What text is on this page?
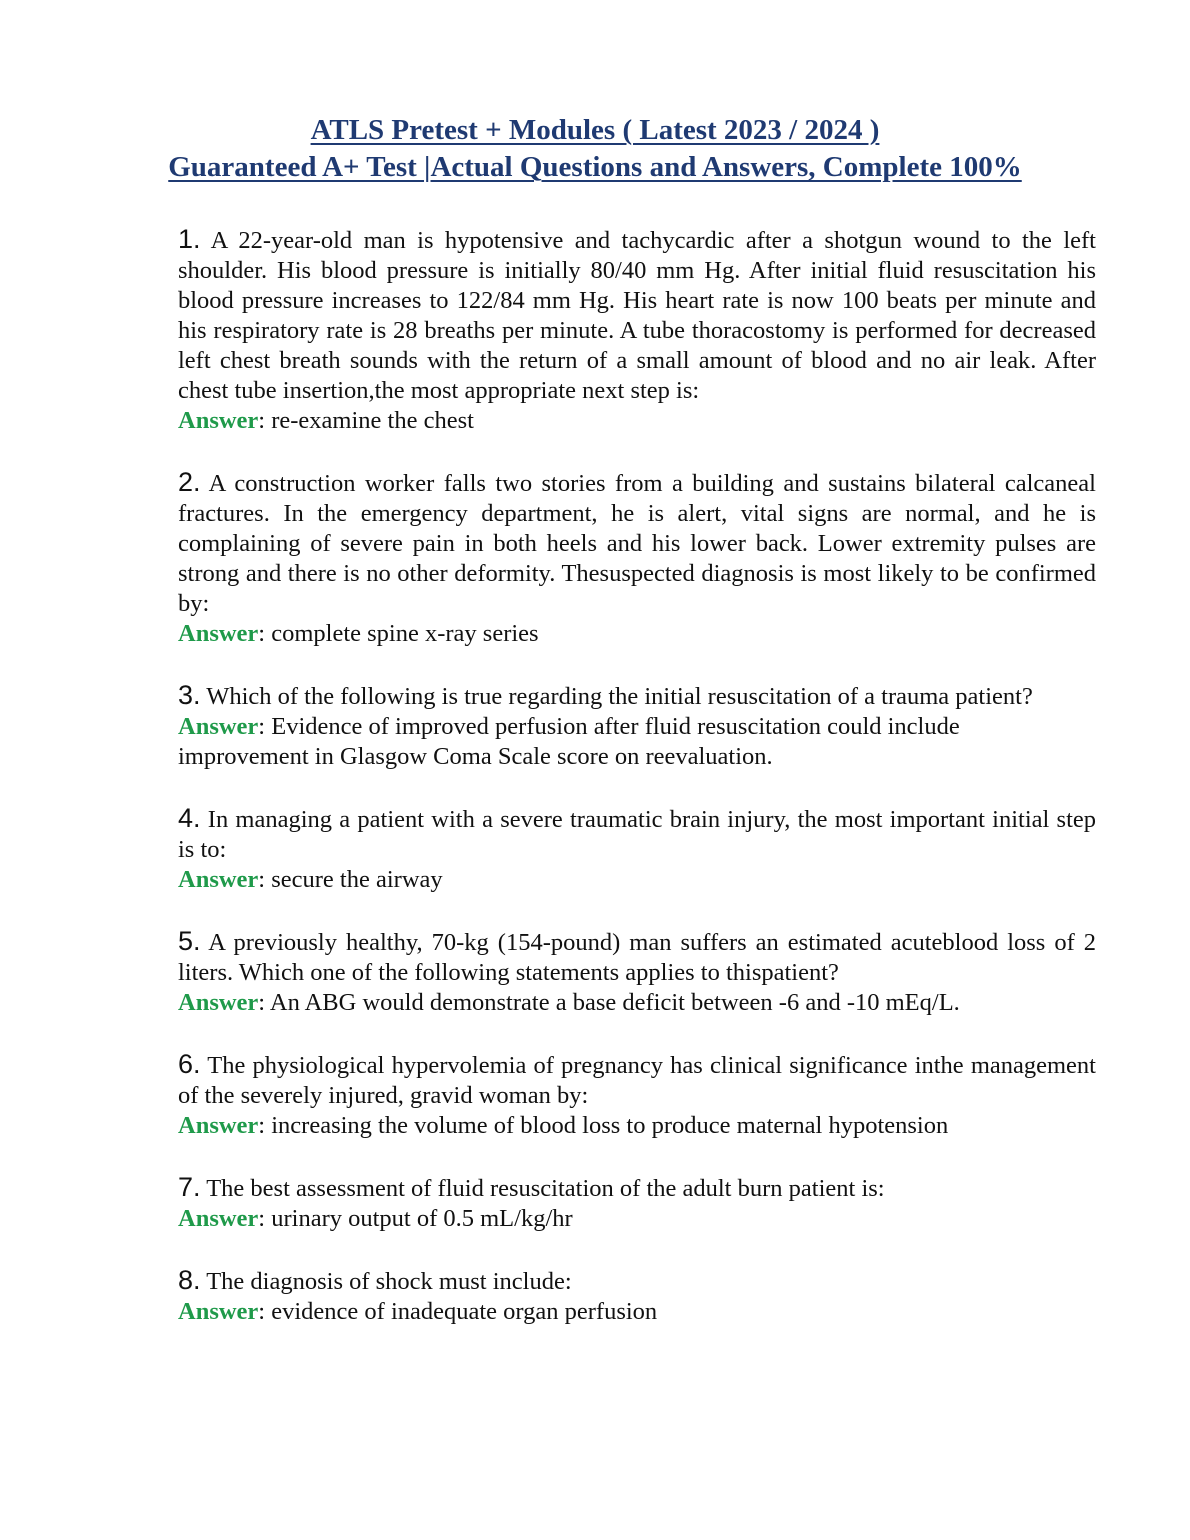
ATLS Pretest + Modules ( Latest 2023 / 2024 )
Guaranteed A+ Test |Actual Questions and Answers, Complete 100%

1. A 22-year-old man is hypotensive and tachycardic after a shotgun wound to the left shoulder. His blood pressure is initially 80/40 mm Hg. After initial fluid resuscitation his blood pressure increases to 122/84 mm Hg. His heart rate is now 100 beats per minute and his respiratory rate is 28 breaths per minute. A tube thoracostomy is performed for decreased left chest breath sounds with the return of a small amount of blood and no air leak. After chest tube insertion,the most appropriate next step is:

Answer: re-examine the chest

2. A construction worker falls two stories from a building and sustains bilateral calcaneal fractures. In the emergency department, he is alert, vital signs are normal, and he is complaining of severe pain in both heels and his lower back. Lower extremity pulses are strong and there is no other deformity. Thesuspected diagnosis is most likely to be confirmed by:

Answer: complete spine x-ray series

3. Which of the following is true regarding the initial resuscitation of a trauma patient?

Answer: Evidence of improved perfusion after fluid resuscitation could include improvement in Glasgow Coma Scale score on reevaluation.

4. In managing a patient with a severe traumatic brain injury, the most important initial step is to:

Answer: secure the airway

5. A previously healthy, 70-kg (154-pound) man suffers an estimated acuteblood loss of 2 liters. Which one of the following statements applies to thispatient?

Answer: An ABG would demonstrate a base deficit between -6 and -10 mEq/L.

6. The physiological hypervolemia of pregnancy has clinical significance inthe management of the severely injured, gravid woman by:

Answer: increasing the volume of blood loss to produce maternal hypotension

7. The best assessment of fluid resuscitation of the adult burn patient is:

Answer: urinary output of 0.5 mL/kg/hr

8. The diagnosis of shock must include:

Answer: evidence of inadequate organ perfusion
